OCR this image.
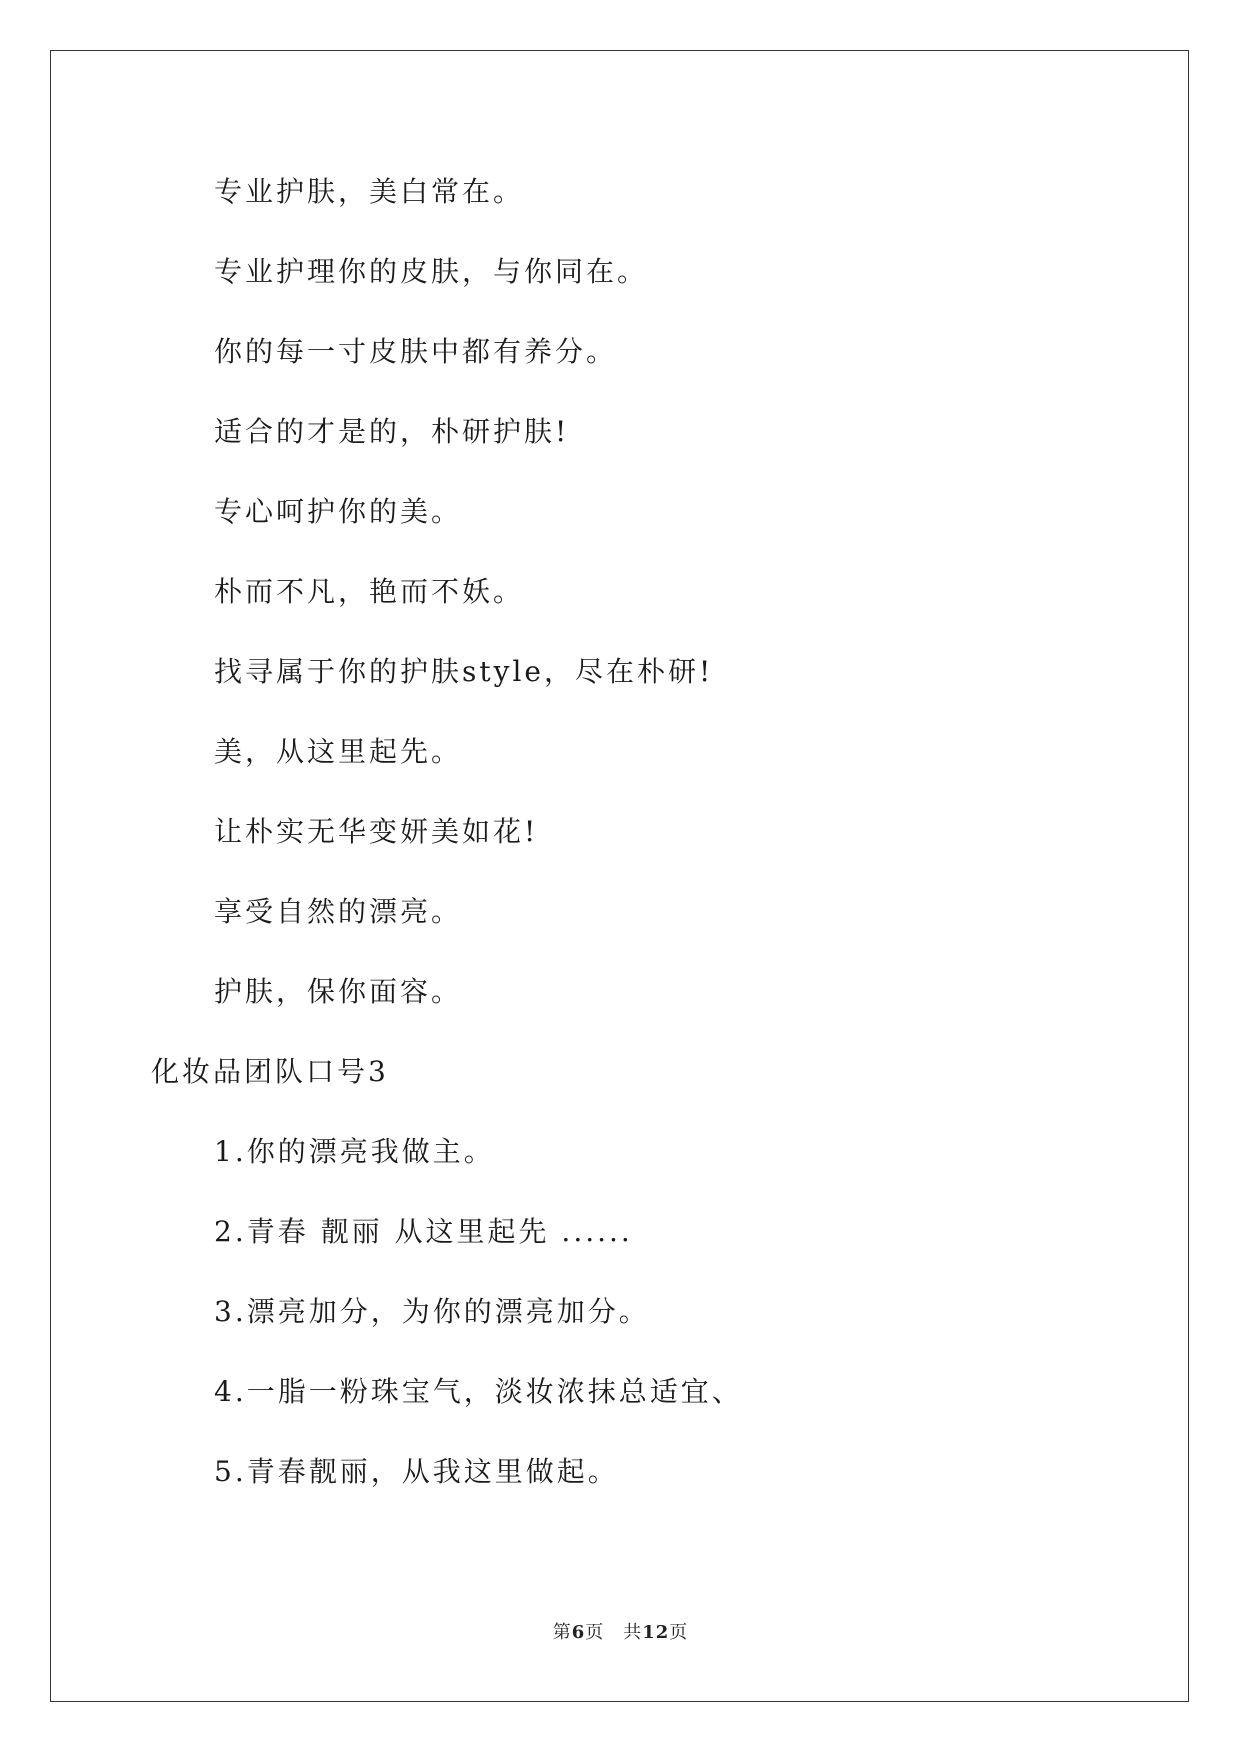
专业护肤，美白常在。
专业护理你的皮肤，与你同在。
你的每一寸皮肤中都有养分。
适合的才是的，朴研护肤!
专心呵护你的美。
朴而不凡，艳而不妖。
找寻属于你的护肤style，尽在朴研!
美，从这里起先。
让朴实无华变妍美如花!
享受自然的漂亮。
护肤，保你面容。
化妆品团队口号3
1.你的漂亮我做主。
2.青春 靓丽 从这里起先 ......
3.漂亮加分，为你的漂亮加分。
4.一脂一粉珠宝气，淡妆浓抹总适宜、
5.青春靓丽，从我这里做起。
第6页　共12页
